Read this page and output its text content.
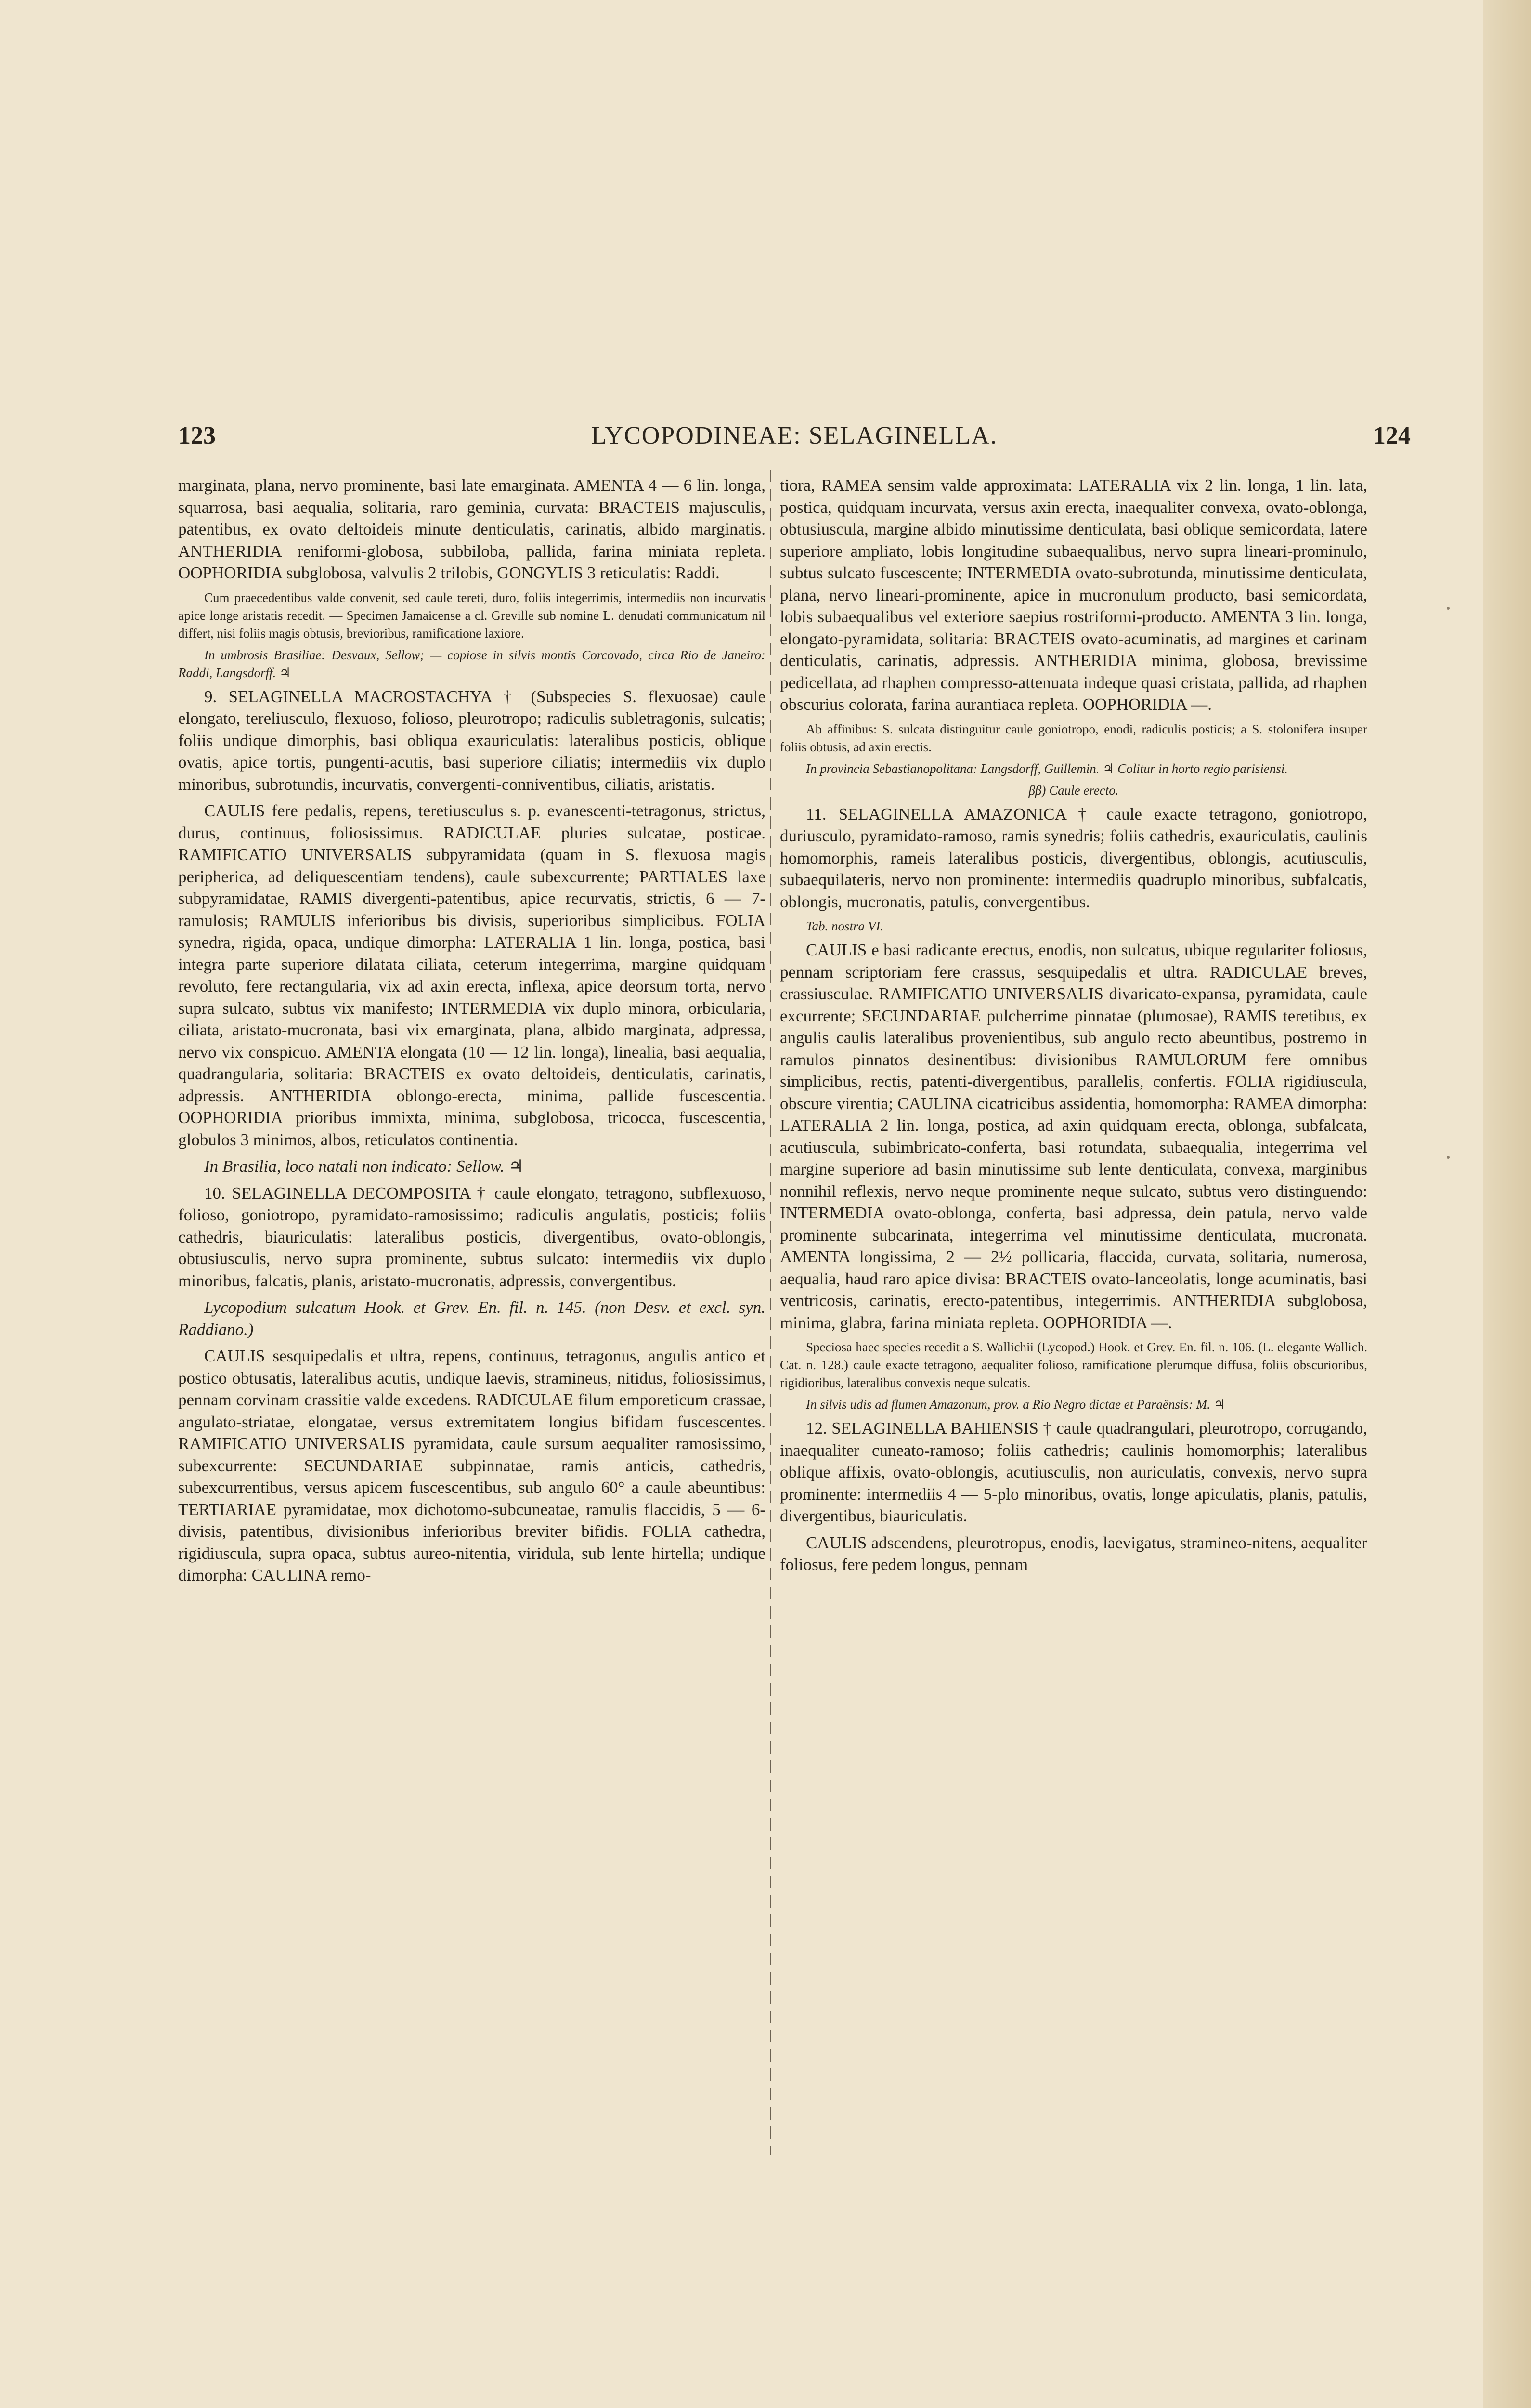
123	LYCOPODINEAE: SELAGINELLA.	124

marginata, plana, nervo prominente, basi late emarginata. AMENTA 4 — 6 lin. longa, squarrosa, basi aequalia, solitaria, raro geminia, curvata: BRACTEIS majusculis, patentibus, ex ovato deltoideis minute denticulatis, carinatis, albido marginatis. ANTHERIDIA reniformi-globosa, subbiloba, pallida, farina miniata repleta. OOPHORIDIA subglobosa, valvulis 2 trilobis, GONGYLIS 3 reticulatis: Raddi.

Cum praecedentibus valde convenit, sed caule tereti, duro, foliis integerrimis, intermediis non incurvatis apice longe aristatis recedit. — Specimen Jamaicense a cl. Greville sub nomine L. denudati communicatum nil differt, nisi foliis magis obtusis, brevioribus, ramificatione laxiore.

In umbrosis Brasiliae: Desvaux, Sellow; — copiose in silvis montis Corcovado, circa Rio de Janeiro: Raddi, Langsdorff. ♃

9. SELAGINELLA MACROSTACHYA † (Subspecies S. flexuosae) caule elongato, tereliusculo, flexuoso, folioso, pleurotropo; radiculis subletragonis, sulcatis; foliis undique dimorphis, basi obliqua exauriculatis: lateralibus posticis, oblique ovatis, apice tortis, pungenti-acutis, basi superiore ciliatis; intermediis vix duplo minoribus, subrotundis, incurvatis, convergenti-conniventibus, ciliatis, aristatis.

CAULIS fere pedalis, repens, teretiusculus s. p. evanescenti-tetragonus, strictus, durus, continuus, foliosissimus. RADICULAE pluries sulcatae, posticae. RAMIFICATIO UNIVERSALIS subpyramidata (quam in S. flexuosa magis peripherica, ad deliquescentiam tendens), caule subexcurrente; PARTIALES laxe subpyramidatae, RAMIS divergenti-patentibus, apice recurvatis, strictis, 6 — 7-ramulosis; RAMULIS inferioribus bis divisis, superioribus simplicibus. FOLIA synedra, rigida, opaca, undique dimorpha: LATERALIA 1 lin. longa, postica, basi integra parte superiore dilatata ciliata, ceterum integerrima, margine quidquam revoluto, fere rectangularia, vix ad axin erecta, inflexa, apice deorsum torta, nervo supra sulcato, subtus vix manifesto; INTERMEDIA vix duplo minora, orbicularia, ciliata, aristato-mucronata, basi vix emarginata, plana, albido marginata, adpressa, nervo vix conspicuo. AMENTA elongata (10 — 12 lin. longa), linealia, basi aequalia, quadrangularia, solitaria: BRACTEIS ex ovato deltoideis, denticulatis, carinatis, adpressis. ANTHERIDIA oblongo-erecta, minima, pallide fuscescentia. OOPHORIDIA prioribus immixta, minima, subglobosa, tricocca, fuscescentia, globulos 3 minimos, albos, reticulatos continentia.

In Brasilia, loco natali non indicato: Sellow. ♃

10. SELAGINELLA DECOMPOSITA † caule elongato, tetragono, subflexuoso, folioso, goniotropo, pyramidato-ramosissimo; radiculis angulatis, posticis; foliis cathedris, biauriculatis: lateralibus posticis, divergentibus, ovato-oblongis, obtusiusculis, nervo supra prominente, subtus sulcato: intermediis vix duplo minoribus, falcatis, planis, aristato-mucronatis, adpressis, convergentibus.

Lycopodium sulcatum Hook. et Grev. En. fil. n. 145. (non Desv. et excl. syn. Raddiano.)

CAULIS sesquipedalis et ultra, repens, continuus, tetragonus, angulis antico et postico obtusatis, lateralibus acutis, undique laevis, stramineus, nitidus, foliosissimus, pennam corvinam crassitie valde excedens. RADICULAE filum emporeticum crassae, angulato-striatae, elongatae, versus extremitatem longius bifidam fuscescentes. RAMIFICATIO UNIVERSALIS pyramidata, caule sursum aequaliter ramosissimo, subexcurrente: SECUNDARIAE subpinnatae, ramis anticis, cathedris, subexcurrentibus, versus apicem fuscescentibus, sub angulo 60° a caule abeuntibus: TERTIARIAE pyramidatae, mox dichotomo-subcuneatae, ramulis flaccidis, 5 — 6-divisis, patentibus, divisionibus inferioribus breviter bifidis. FOLIA cathedra, rigidiuscula, supra opaca, subtus aureo-nitentia, viridula, sub lente hirtella; undique dimorpha: CAULINA remo-

tiora, RAMEA sensim valde approximata: LATERALIA vix 2 lin. longa, 1 lin. lata, postica, quidquam incurvata, versus axin erecta, inaequaliter convexa, ovato-oblonga, obtusiuscula, margine albido minutissime denticulata, basi oblique semicordata, latere superiore ampliato, lobis longitudine subaequalibus, nervo supra lineari-prominulo, subtus sulcato fuscescente; INTERMEDIA ovato-subrotunda, minutissime denticulata, plana, nervo lineari-prominente, apice in mucronulum producto, basi semicordata, lobis subaequalibus vel exteriore saepius rostriformi-producto. AMENTA 3 lin. longa, elongato-pyramidata, solitaria: BRACTEIS ovato-acuminatis, ad margines et carinam denticulatis, carinatis, adpressis. ANTHERIDIA minima, globosa, brevissime pedicellata, ad rhaphen compresso-attenuata indeque quasi cristata, pallida, ad rhaphen obscurius colorata, farina aurantiaca repleta. OOPHORIDIA —.

Ab affinibus: S. sulcata distinguitur caule goniotropo, enodi, radiculis posticis; a S. stolonifera insuper foliis obtusis, ad axin erectis.

In provincia Sebastianopolitana: Langsdorff, Guillemin. ♃ Colitur in horto regio parisiensi.

ββ) Caule erecto.

11. SELAGINELLA AMAZONICA † caule exacte tetragono, goniotropo, duriusculo, pyramidato-ramoso, ramis synedris; foliis cathedris, exauriculatis, caulinis homomorphis, rameis lateralibus posticis, divergentibus, oblongis, acutiusculis, subaequilateris, nervo non prominente: intermediis quadruplo minoribus, subfalcatis, oblongis, mucronatis, patulis, convergentibus.

Tab. nostra VI.

CAULIS e basi radicante erectus, enodis, non sulcatus, ubique regulariter foliosus, pennam scriptoriam fere crassus, sesquipedalis et ultra. RADICULAE breves, crassiusculae. RAMIFICATIO UNIVERSALIS divaricato-expansa, pyramidata, caule excurrente; SECUNDARIAE pulcherrime pinnatae (plumosae), RAMIS teretibus, ex angulis caulis lateralibus provenientibus, sub angulo recto abeuntibus, postremo in ramulos pinnatos desinentibus: divisionibus RAMULORUM fere omnibus simplicibus, rectis, patenti-divergentibus, parallelis, confertis. FOLIA rigidiuscula, obscure virentia; CAULINA cicatricibus assidentia, homomorpha: RAMEA dimorpha: LATERALIA 2 lin. longa, postica, ad axin quidquam erecta, oblonga, subfalcata, acutiuscula, subimbricato-conferta, basi rotundata, subaequalia, integerrima vel margine superiore ad basin minutissime sub lente denticulata, convexa, marginibus nonnihil reflexis, nervo neque prominente neque sulcato, subtus vero distinguendo: INTERMEDIA ovato-oblonga, conferta, basi adpressa, dein patula, nervo valde prominente subcarinata, integerrima vel minutissime denticulata, mucronata. AMENTA longissima, 2 — 2½ pollicaria, flaccida, curvata, solitaria, numerosa, aequalia, haud raro apice divisa: BRACTEIS ovato-lanceolatis, longe acuminatis, basi ventricosis, carinatis, erecto-patentibus, integerrimis. ANTHERIDIA subglobosa, minima, glabra, farina miniata repleta. OOPHORIDIA —.

Speciosa haec species recedit a S. Wallichii (Lycopod.) Hook. et Grev. En. fil. n. 106. (L. elegante Wallich. Cat. n. 128.) caule exacte tetragono, aequaliter folioso, ramificatione plerumque diffusa, foliis obscurioribus, rigidioribus, lateralibus convexis neque sulcatis.

In silvis udis ad flumen Amazonum, prov. a Rio Negro dictae et Paraënsis: M. ♃

12. SELAGINELLA BAHIENSIS † caule quadrangulari, pleurotropo, corrugando, inaequaliter cuneato-ramoso; foliis cathedris; caulinis homomorphis; lateralibus oblique affixis, ovato-oblongis, acutiusculis, non auriculatis, convexis, nervo supra prominente: intermediis 4 — 5-plo minoribus, ovatis, longe apiculatis, planis, patulis, divergentibus, biauriculatis.

CAULIS adscendens, pleurotropus, enodis, laevigatus, stramineo-nitens, aequaliter foliosus, fere pedem longus, pennam
